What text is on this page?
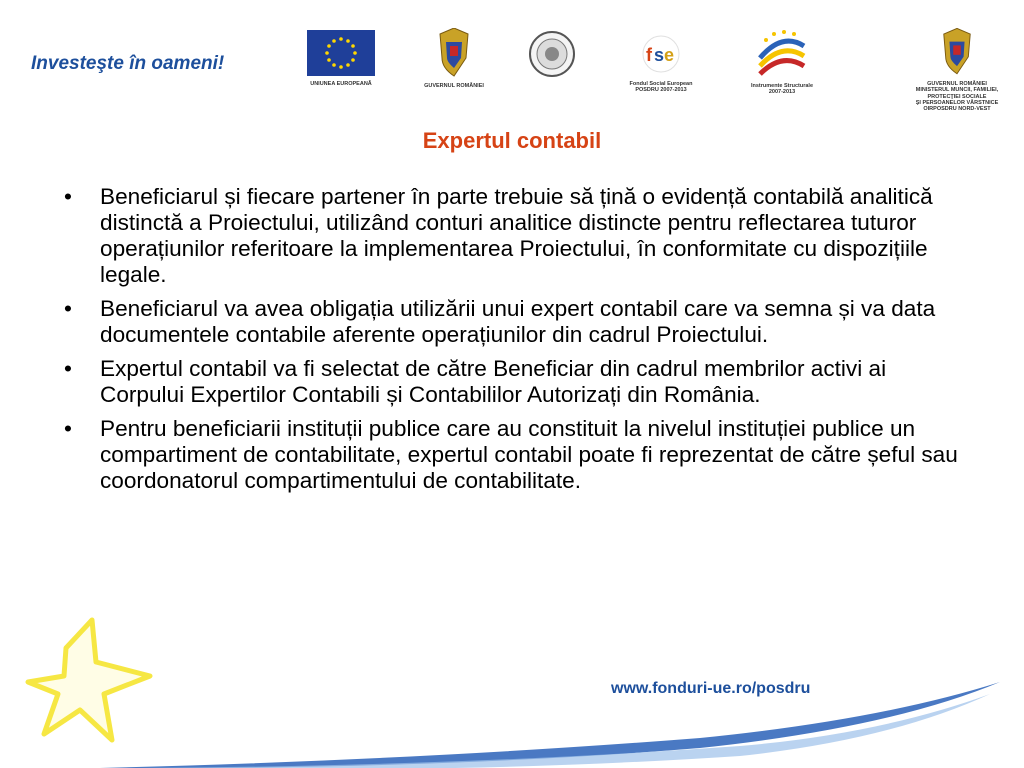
Investeşte în oameni!
UNIUNEA EUROPEANĂ	GUVERNUL ROMÂNIEI
f s e
Fondul Social European
POSDRU 2007-2013
Instrumente Structurale
2007-2013
GUVERNUL ROMÂNIEI
MINISTERUL MUNCII, FAMILIEI,
PROTECŢIEI SOCIALE
ŞI PERSOANELOR VÂRSTNICE
OIRPOSDRU NORD-VEST
Expertul contabil
• Beneficiarul și fiecare partener în parte trebuie să țină o evidență contabilă analitică distinctă a Proiectului, utilizând conturi analitice distincte pentru reflectarea tuturor operațiunilor referitoare la implementarea Proiectului, în conformitate cu dispozițiile legale.
• Beneficiarul va avea obligația utilizării unui expert contabil care va semna și va data documentele contabile aferente operațiunilor din cadrul Proiectului.
• Expertul contabil va fi selectat de către Beneficiar din cadrul membrilor activi ai Corpului Expertilor Contabili și Contabililor Autorizați din România.
• Pentru beneficiarii instituții publice care au constituit la nivelul instituției publice un compartiment de contabilitate, expertul contabil poate fi reprezentat de către șeful sau coordonatorul compartimentului de contabilitate.
www.fonduri-ue.ro/posdru
